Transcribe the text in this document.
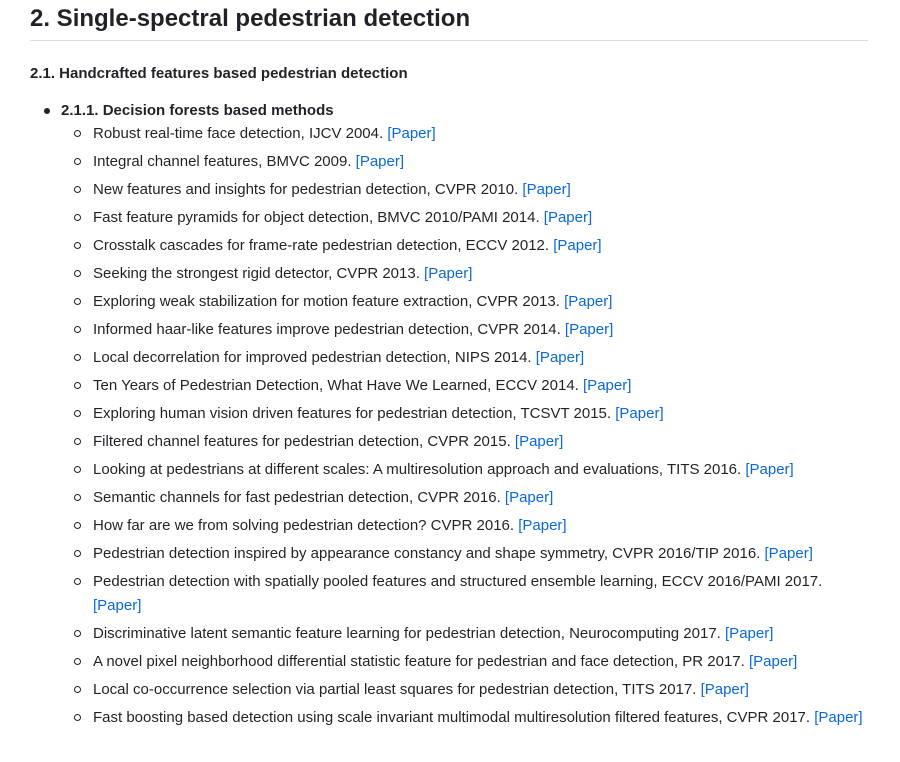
2. Single-spectral pedestrian detection
2.1. Handcrafted features based pedestrian detection
2.1.1. Decision forests based methods
Robust real-time face detection, IJCV 2004. [Paper]
Integral channel features, BMVC 2009. [Paper]
New features and insights for pedestrian detection, CVPR 2010. [Paper]
Fast feature pyramids for object detection, BMVC 2010/PAMI 2014. [Paper]
Crosstalk cascades for frame-rate pedestrian detection, ECCV 2012. [Paper]
Seeking the strongest rigid detector, CVPR 2013. [Paper]
Exploring weak stabilization for motion feature extraction, CVPR 2013. [Paper]
Informed haar-like features improve pedestrian detection, CVPR 2014. [Paper]
Local decorrelation for improved pedestrian detection, NIPS 2014. [Paper]
Ten Years of Pedestrian Detection, What Have We Learned, ECCV 2014. [Paper]
Exploring human vision driven features for pedestrian detection, TCSVT 2015. [Paper]
Filtered channel features for pedestrian detection, CVPR 2015. [Paper]
Looking at pedestrians at different scales: A multiresolution approach and evaluations, TITS 2016. [Paper]
Semantic channels for fast pedestrian detection, CVPR 2016. [Paper]
How far are we from solving pedestrian detection? CVPR 2016. [Paper]
Pedestrian detection inspired by appearance constancy and shape symmetry, CVPR 2016/TIP 2016. [Paper]
Pedestrian detection with spatially pooled features and structured ensemble learning, ECCV 2016/PAMI 2017. [Paper]
Discriminative latent semantic feature learning for pedestrian detection, Neurocomputing 2017. [Paper]
A novel pixel neighborhood differential statistic feature for pedestrian and face detection, PR 2017. [Paper]
Local co-occurrence selection via partial least squares for pedestrian detection, TITS 2017. [Paper]
Fast boosting based detection using scale invariant multimodal multiresolution filtered features, CVPR 2017. [Paper]
